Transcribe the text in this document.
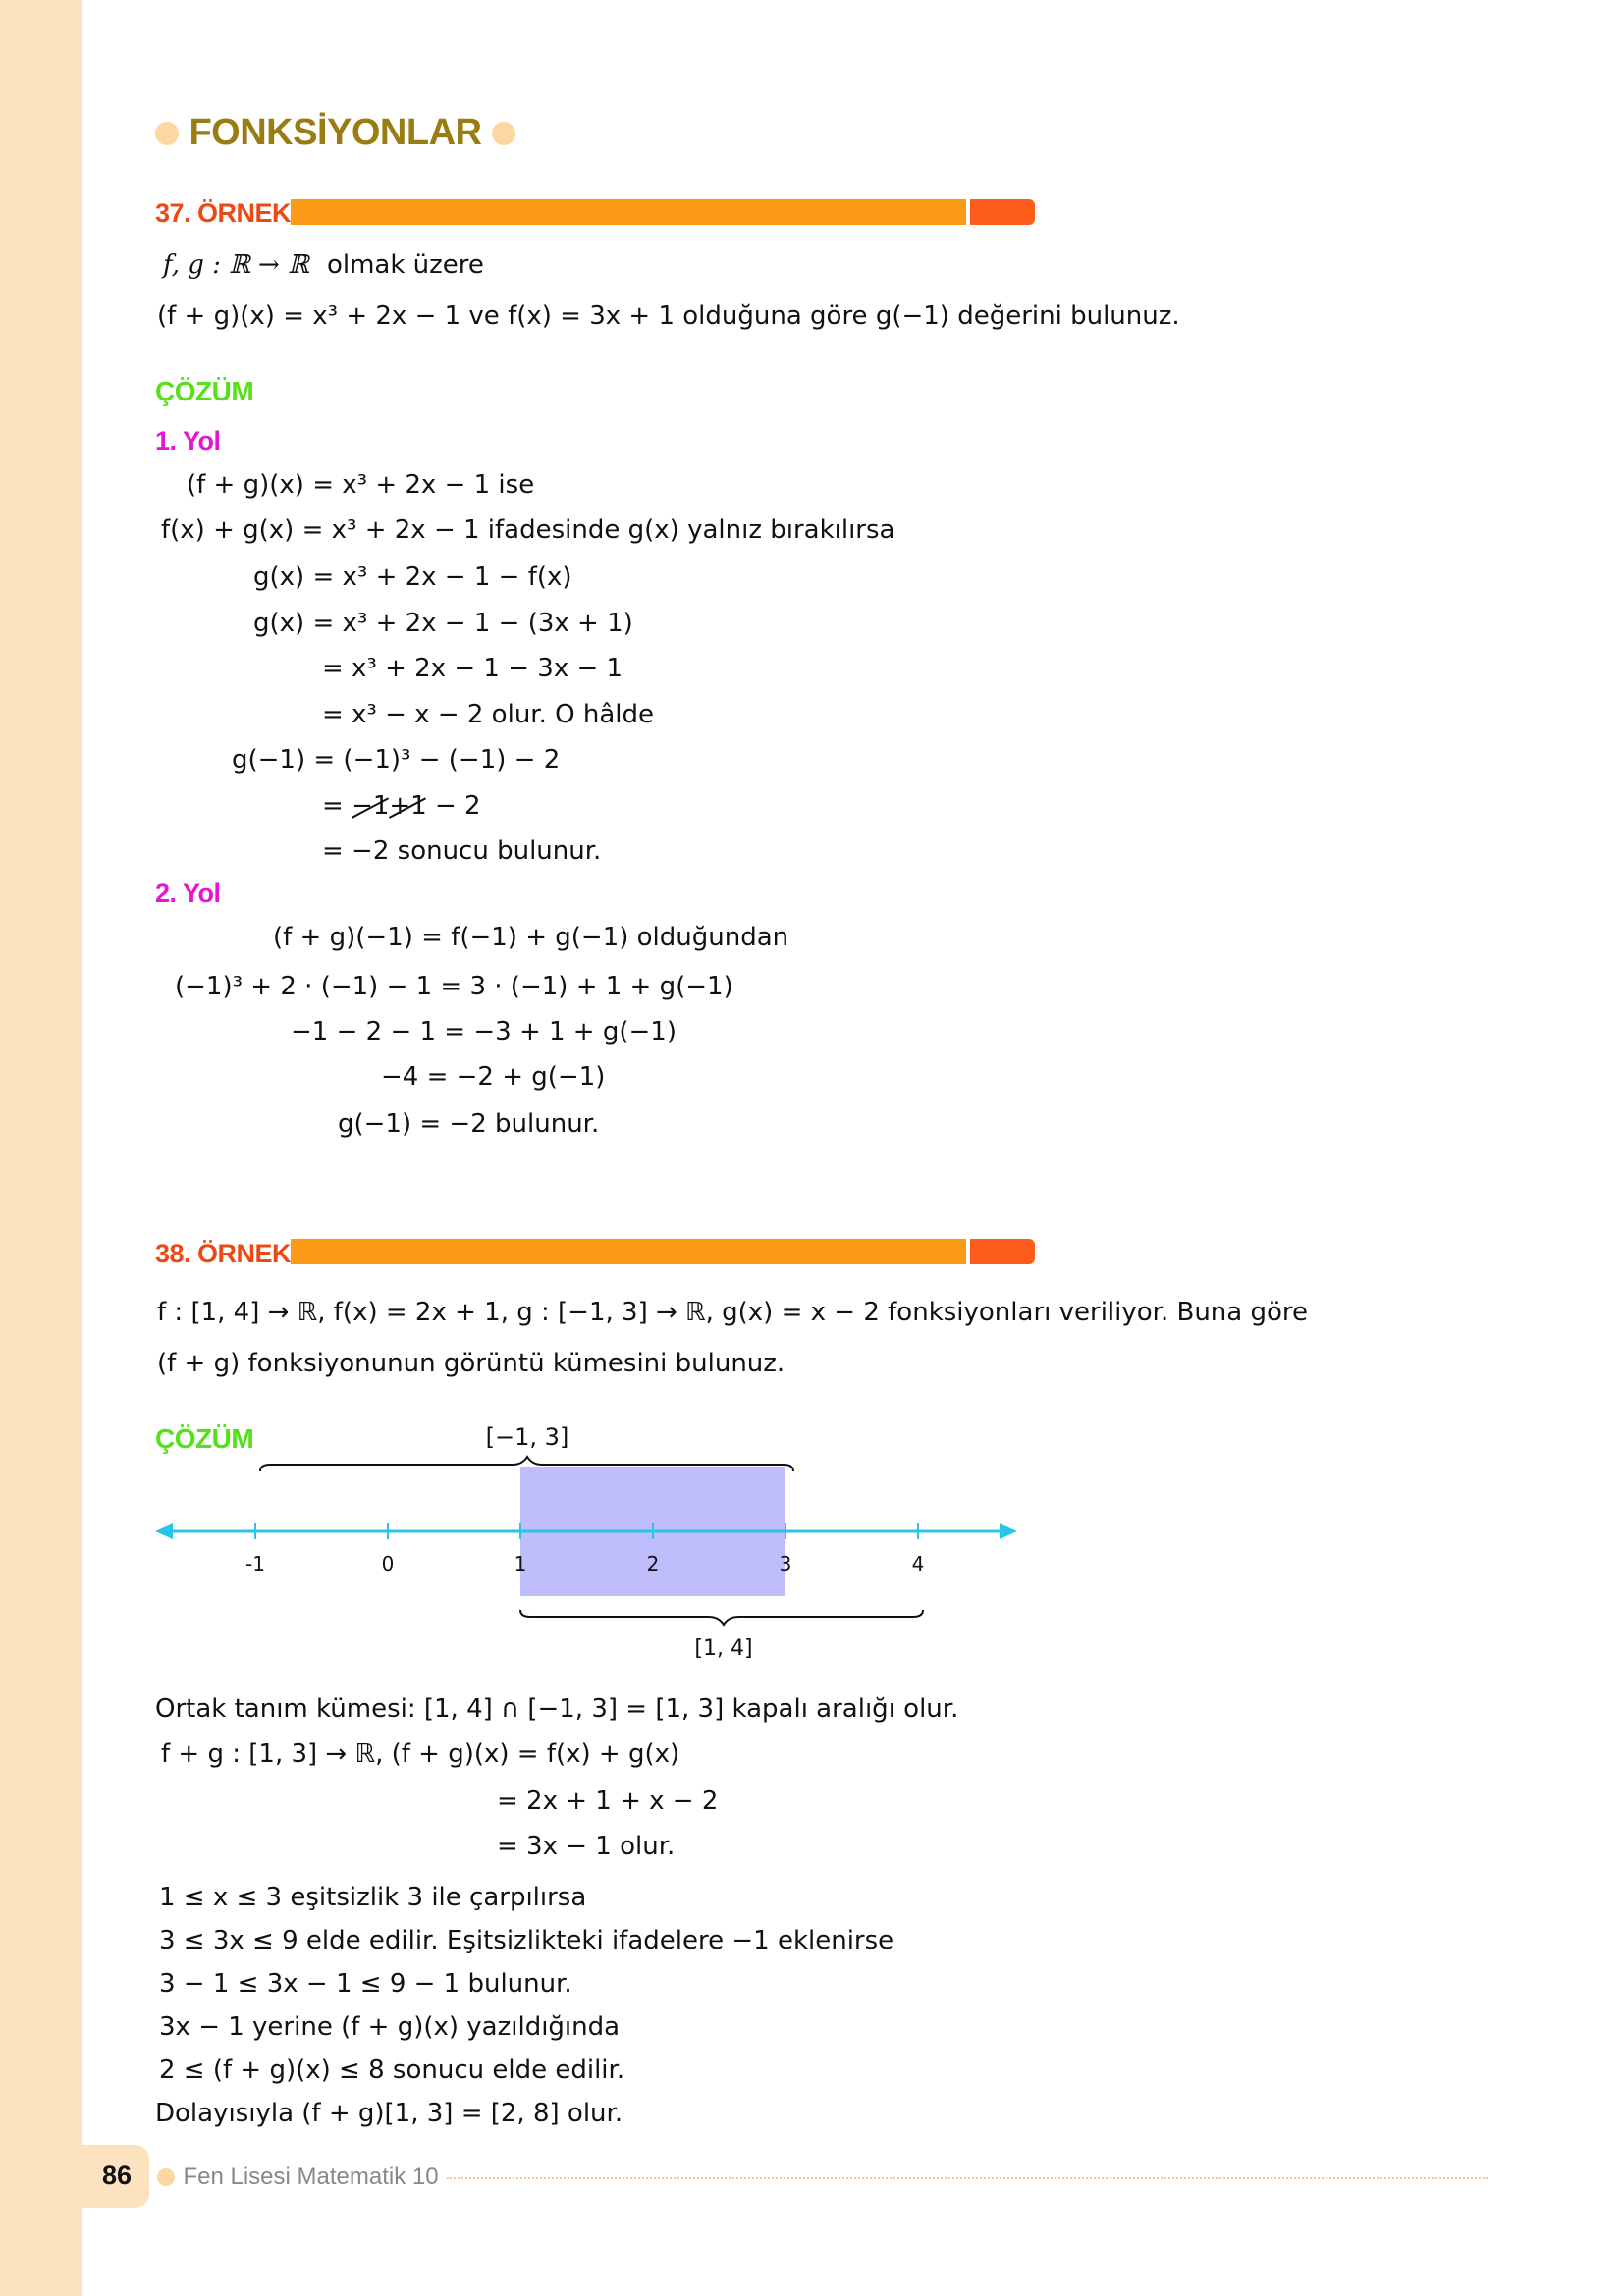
FONKSİYONLAR
37. ÖRNEK
f, g : ℝ → ℝ olmak üzere
(f + g)(x) = x³ + 2x − 1 ve f(x) = 3x + 1 olduğuna göre g(−1) değerini bulunuz.
ÇÖZÜM
1. Yol
(f + g)(x) = x³ + 2x − 1 ise
f(x) + g(x) = x³ + 2x − 1 ifadesinde g(x) yalnız bırakılırsa
g(x) = x³ + 2x − 1 − f(x)
g(x) = x³ + 2x − 1 − (3x + 1)
= x³ + 2x − 1 − 3x − 1
= x³ − x − 2 olur. O hâlde
g(−1) = (−1)³ − (−1) − 2
= −1+1 − 2
= −2 sonucu bulunur.
2. Yol
(f + g)(−1) = f(−1) + g(−1) olduğundan
(−1)³ + 2 · (−1) − 1 = 3 · (−1) + 1 + g(−1)
−1 − 2 − 1 = −3 + 1 + g(−1)
−4 = −2 + g(−1)
g(−1) = −2 bulunur.
38. ÖRNEK
f : [1, 4] → ℝ, f(x) = 2x + 1, g : [−1, 3] → ℝ, g(x) = x − 2 fonksiyonları veriliyor. Buna göre
(f + g) fonksiyonunun görüntü kümesini bulunuz.
ÇÖZÜM	[−1, 3]
-1	0	1	2	3	4
[1, 4]
Ortak tanım kümesi: [1, 4] ∩ [−1, 3] = [1, 3] kapalı aralığı olur.
f + g : [1, 3] → ℝ, (f + g)(x) = f(x) + g(x)
= 2x + 1 + x − 2
= 3x − 1 olur.
1 ≤ x ≤ 3 eşitsizlik 3 ile çarpılırsa
3 ≤ 3x ≤ 9 elde edilir. Eşitsizlikteki ifadelere −1 eklenirse
3 − 1 ≤ 3x − 1 ≤ 9 − 1 bulunur.
3x − 1 yerine (f + g)(x) yazıldığında
2 ≤ (f + g)(x) ≤ 8 sonucu elde edilir.
Dolayısıyla (f + g)[1, 3] = [2, 8] olur.
86	Fen Lisesi Matematik 10
